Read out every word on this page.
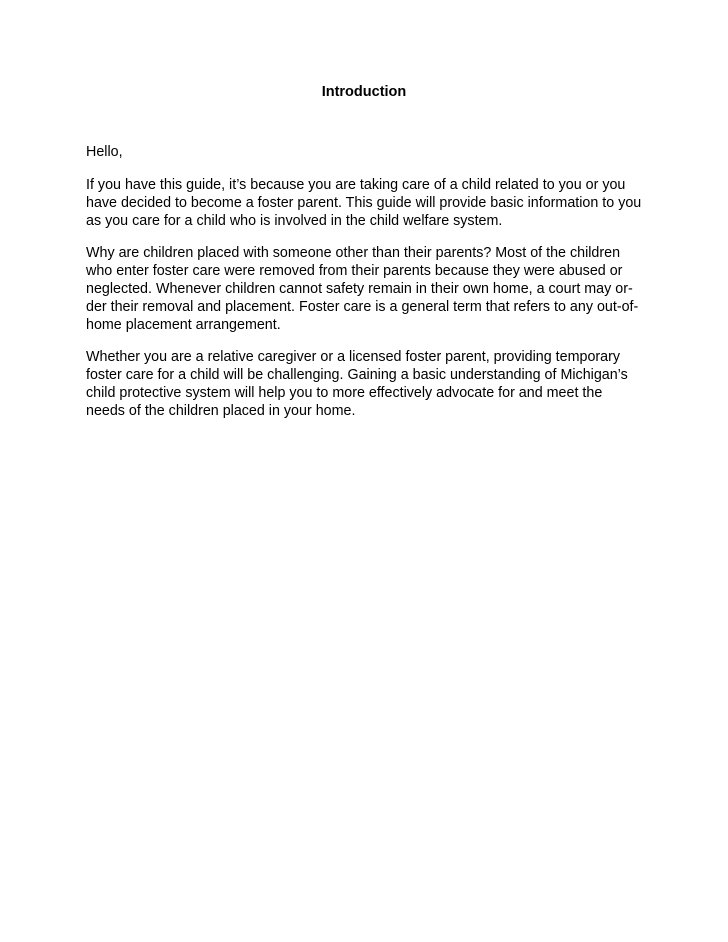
Introduction
Hello,
If you have this guide, it’s because you are taking care of a child related to you or you
have decided to become a foster parent. This guide will provide basic information to you
as you care for a child who is involved in the child welfare system.
Why are children placed with someone other than their parents? Most of the children
who enter foster care were removed from their parents because they were abused or
neglected. Whenever children cannot safety remain in their own home, a court may or-
der their removal and placement. Foster care is a general term that refers to any out-of-
home placement arrangement.
Whether you are a relative caregiver or a licensed foster parent, providing temporary
foster care for a child will be challenging. Gaining a basic understanding of Michigan’s
child protective system will help you to more effectively advocate for and meet the
needs of the children placed in your home.
